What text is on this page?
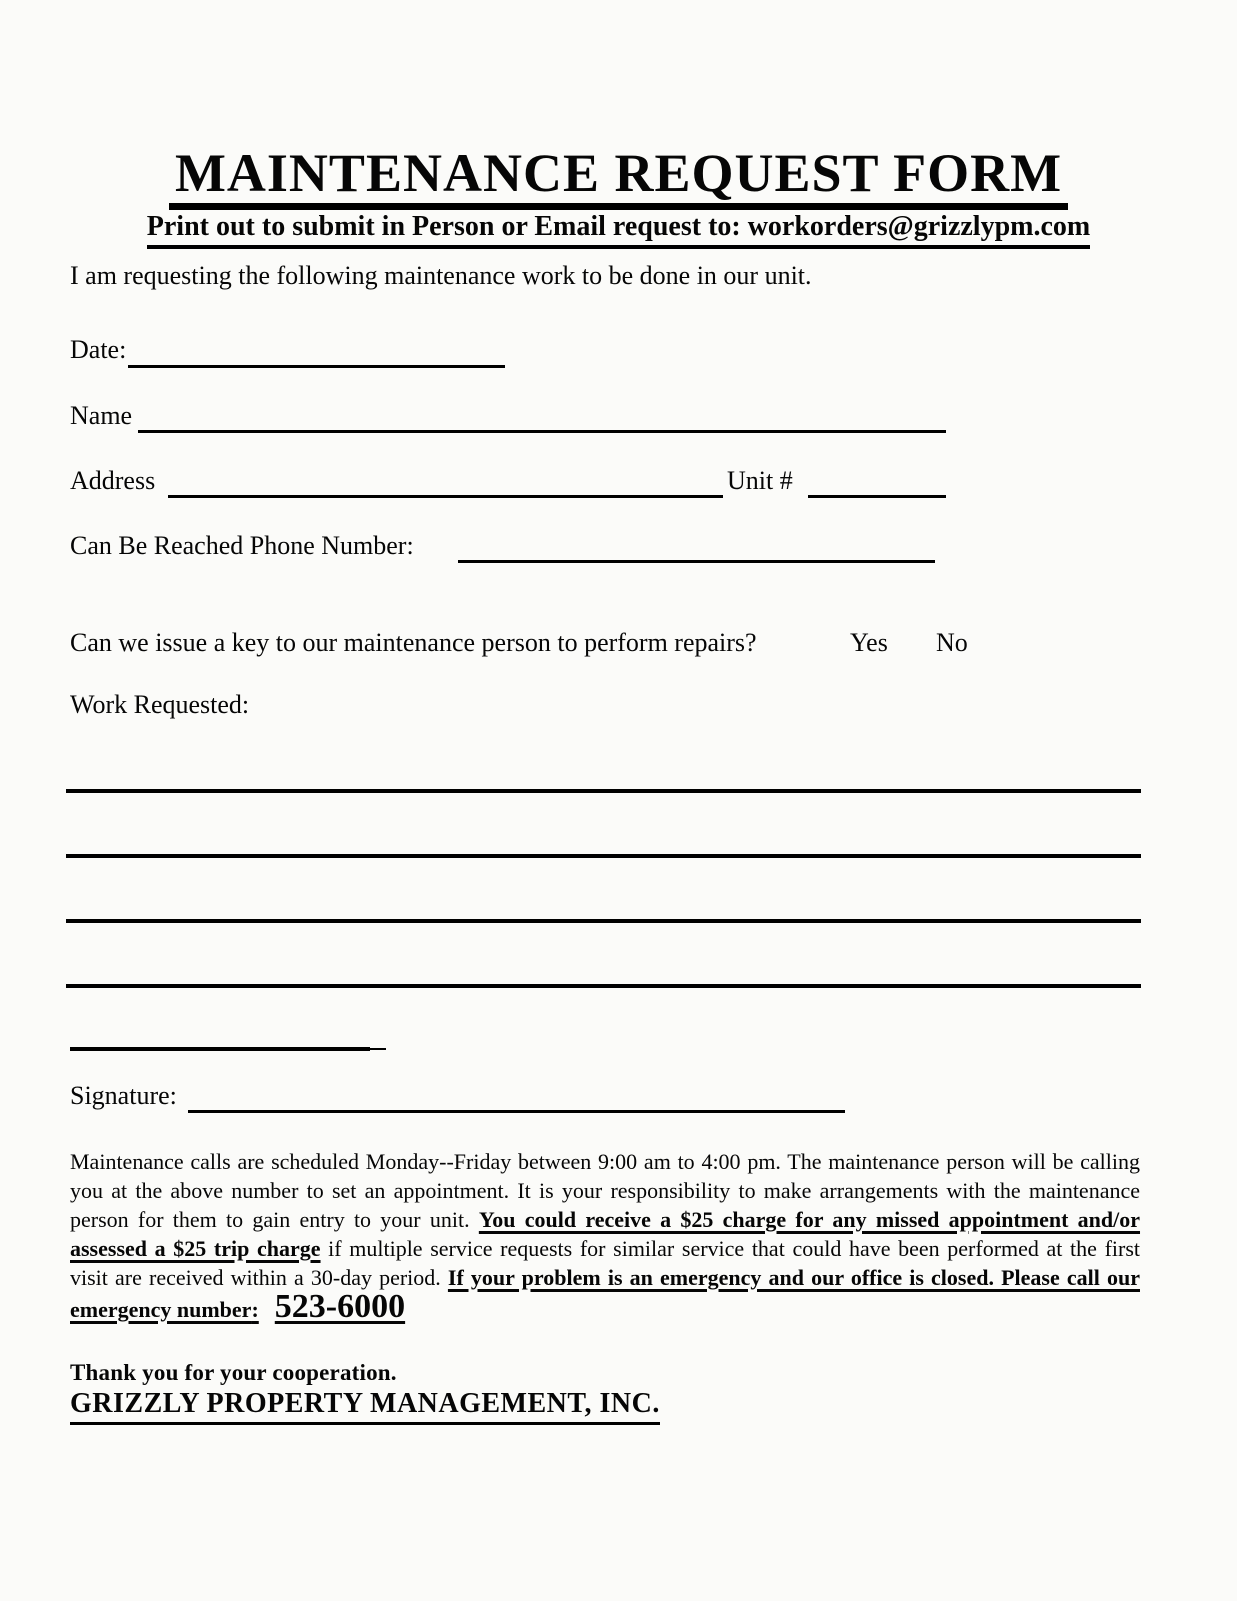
MAINTENANCE REQUEST FORM
Print out to submit in Person or Email request to: workorders@grizzlypm.com
I am requesting the following maintenance work to be done in our unit.
Date:
Name
Address	Unit #
Can Be Reached Phone Number:
Can we issue a key to our maintenance person to perform repairs?	Yes No
Work Requested:
Signature:

Maintenance calls are scheduled Monday--Friday between 9:00 am to 4:00 pm. The maintenance person will be calling you at the above number to set an appointment. It is your responsibility to make arrangements with the maintenance person for them to gain entry to your unit. You could receive a $25 charge for any missed appointment and/or assessed a $25 trip charge if multiple service requests for similar service that could have been performed at the first visit are received within a 30-day period. If your problem is an emergency and our office is closed. Please call our emergency number: 523-6000

Thank you for your cooperation.
GRIZZLY PROPERTY MANAGEMENT, INC.
